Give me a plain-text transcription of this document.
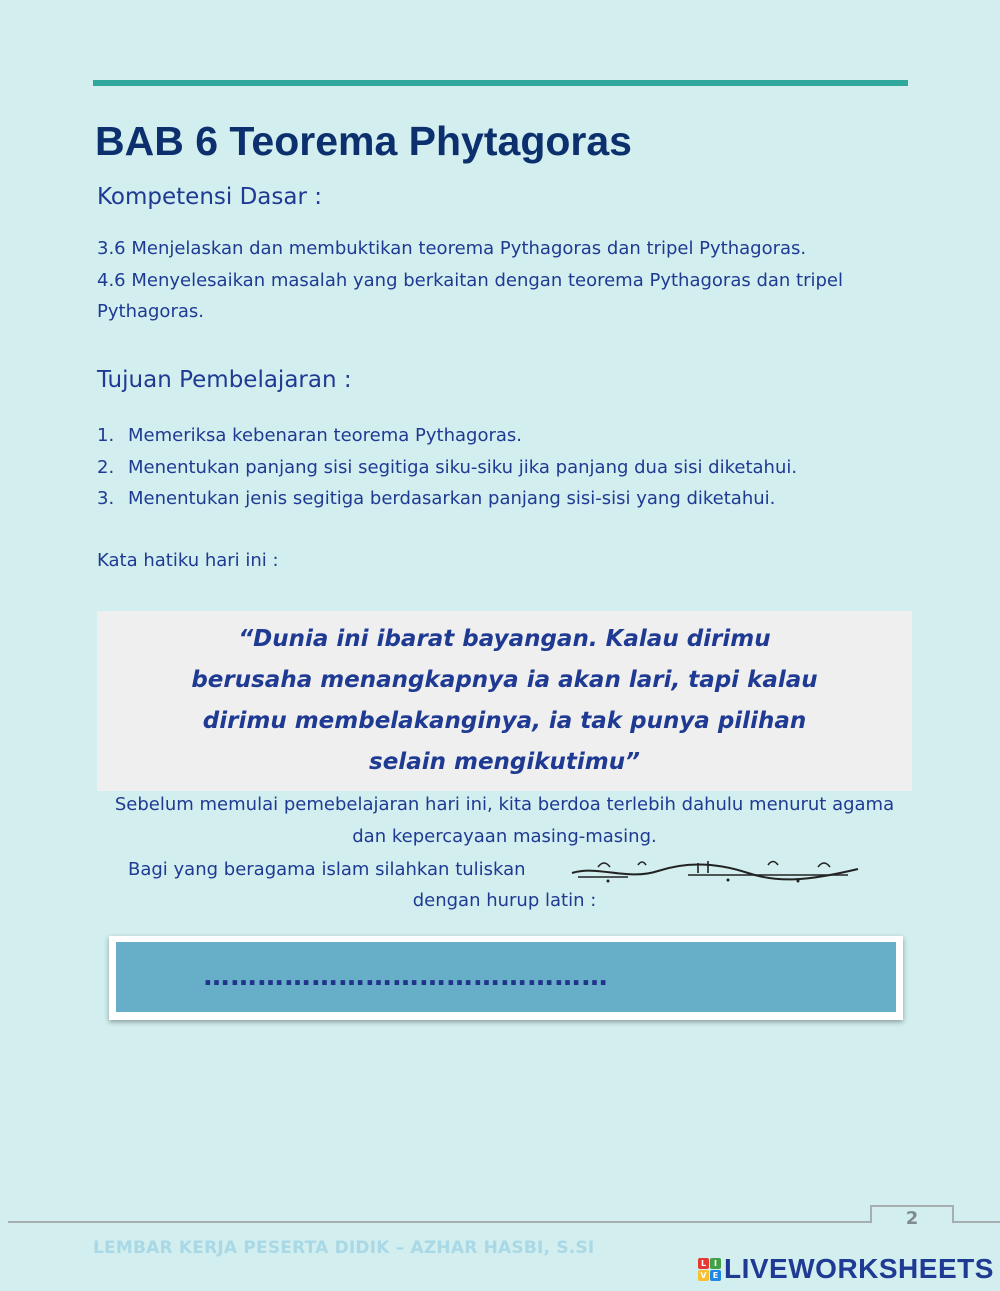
BAB 6 Teorema Phytagoras
Kompetensi Dasar :
3.6 Menjelaskan dan membuktikan teorema Pythagoras dan tripel Pythagoras.
4.6 Menyelesaikan masalah yang berkaitan dengan teorema Pythagoras dan tripel
Pythagoras.
Tujuan Pembelajaran :
1. Memeriksa kebenaran teorema Pythagoras.
2. Menentukan panjang sisi segitiga siku-siku jika panjang dua sisi diketahui.
3. Menentukan jenis segitiga berdasarkan panjang sisi-sisi yang diketahui.

Kata hatiku hari ini :

“Dunia ini ibarat bayangan. Kalau dirimu berusaha menangkapnya ia akan lari, tapi kalau dirimu membelakanginya, ia tak punya pilihan selain mengikutimu”

Sebelum memulai pemebelajaran hari ini, kita berdoa terlebih dahulu menurut agama
dan kepercayaan masing-masing.

Bagi yang beragama islam silahkan tuliskan

dengan hurup latin :

………………………………………
2
LEMBAR KERJA PESERTA DIDIK – AZHAR HASBI, S.SI
L I
V E LIVEWORKSHEETS
